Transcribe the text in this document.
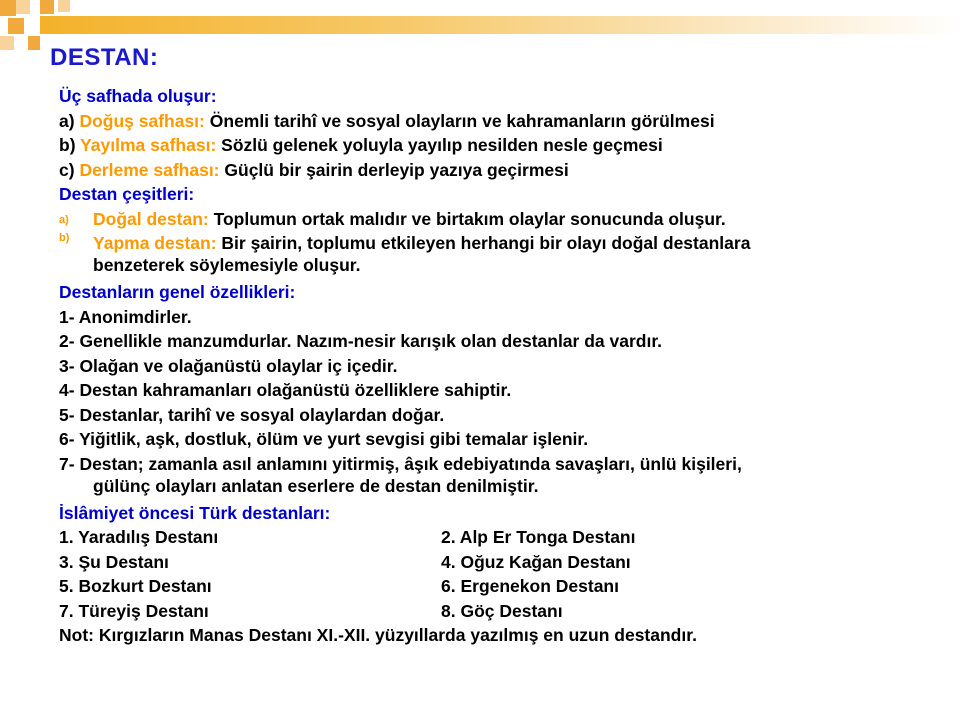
DESTAN:
Üç safhada oluşur:
a) Doğuş safhası: Önemli tarihî ve sosyal olayların ve kahramanların görülmesi
b) Yayılma safhası: Sözlü gelenek yoluyla yayılıp nesilden nesle geçmesi
c) Derleme safhası: Güçlü bir şairin derleyip yazıya geçirmesi
Destan çeşitleri:
a)	Doğal destan: Toplumun ortak malıdır ve birtakım olaylar sonucunda oluşur.
b)	Yapma destan: Bir şairin, toplumu etkileyen herhangi bir olayı doğal destanlara
benzeterek söylemesiyle oluşur.
Destanların genel özellikleri:
1- Anonimdirler.
2- Genellikle manzumdurlar. Nazım-nesir karışık olan destanlar da vardır.
3- Olağan ve olağanüstü olaylar iç içedir.
4- Destan kahramanları olağanüstü özelliklere sahiptir.
5- Destanlar, tarihî ve sosyal olaylardan doğar.
6- Yiğitlik, aşk, dostluk, ölüm ve yurt sevgisi gibi temalar işlenir.
7- Destan; zamanla asıl anlamını yitirmiş, âşık edebiyatında savaşları, ünlü kişileri,
gülünç olayları anlatan eserlere de destan denilmiştir.
İslâmiyet öncesi Türk destanları:
1. Yaradılış Destanı	2. Alp Er Tonga Destanı
3. Şu Destanı	4. Oğuz Kağan Destanı
5. Bozkurt Destanı	6. Ergenekon Destanı
7. Türeyiş Destanı	8. Göç Destanı
Not: Kırgızların Manas Destanı XI.-XII. yüzyıllarda yazılmış en uzun destandır.
